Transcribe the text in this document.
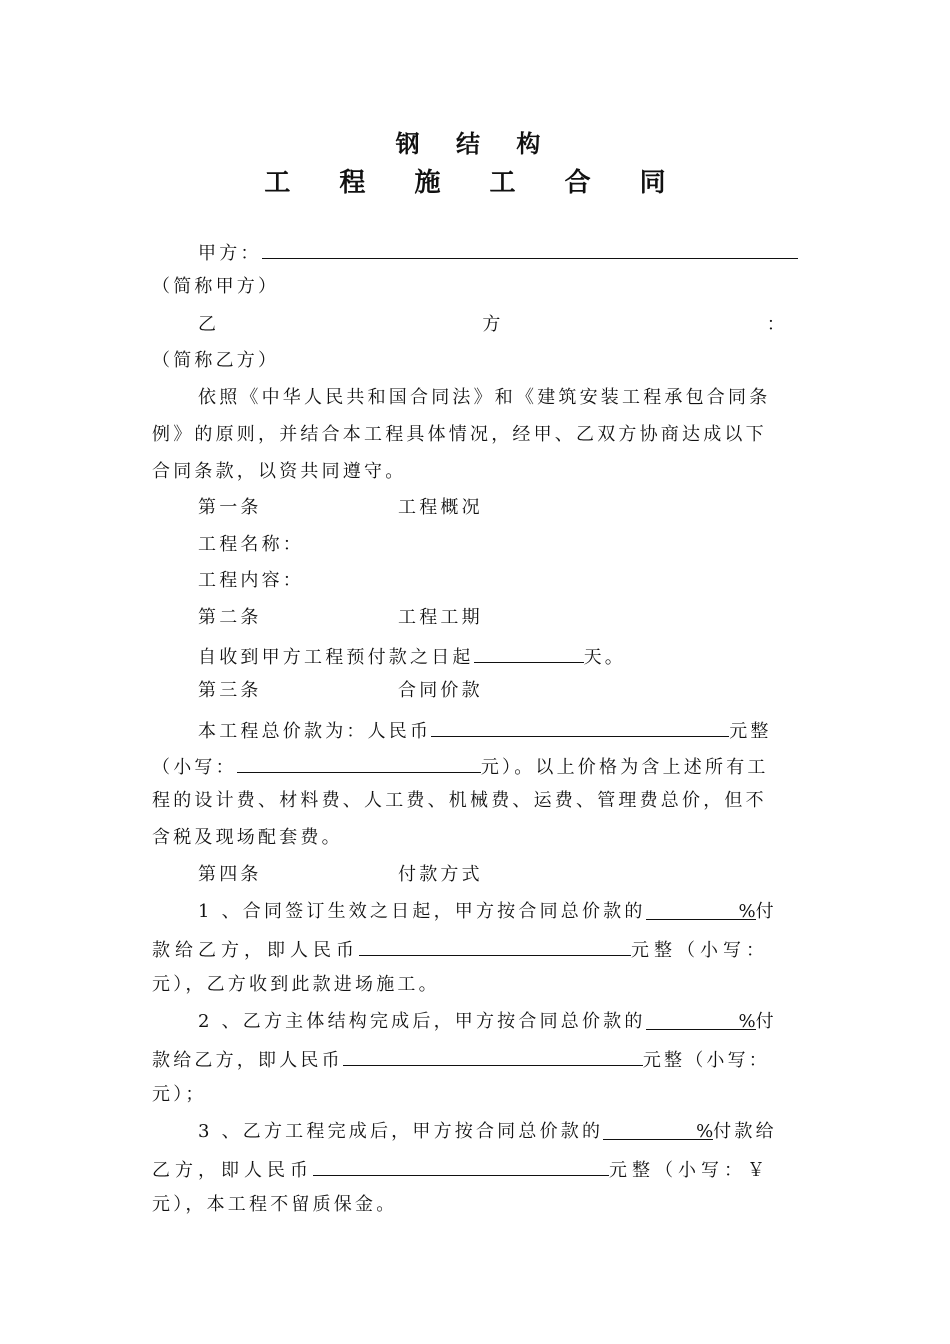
钢 结 构
工 程 施 工 合 同
甲方：
（简称甲方）
乙	方	：
（简称乙方）
依照《中华人民共和国合同法》和《建筑安装工程承包合同条
例》的原则，并结合本工程具体情况，经甲、乙双方协商达成以下
合同条款，以资共同遵守。
第一条	工程概况
工程名称：
工程内容：
第二条	工程工期
自收到甲方工程预付款之日起	天。
第三条	合同价款
本工程总价款为：人民币	元整
（小写：	元）。以上价格为含上述所有工
程的设计费、材料费、人工费、机械费、运费、管理费总价，但不
含税及现场配套费。
第四条	付款方式
1 、合同签订生效之日起，甲方按合同总价款的	%付
款给乙方，即人民币	元整（小写：
元），乙方收到此款进场施工。
2 、乙方主体结构完成后，甲方按合同总价款的	%付
款给乙方，即人民币	元整（小写：
元）；
3 、乙方工程完成后，甲方按合同总价款的	%付款给
乙方，即人民币	元整（小写：￥
元），本工程不留质保金。
